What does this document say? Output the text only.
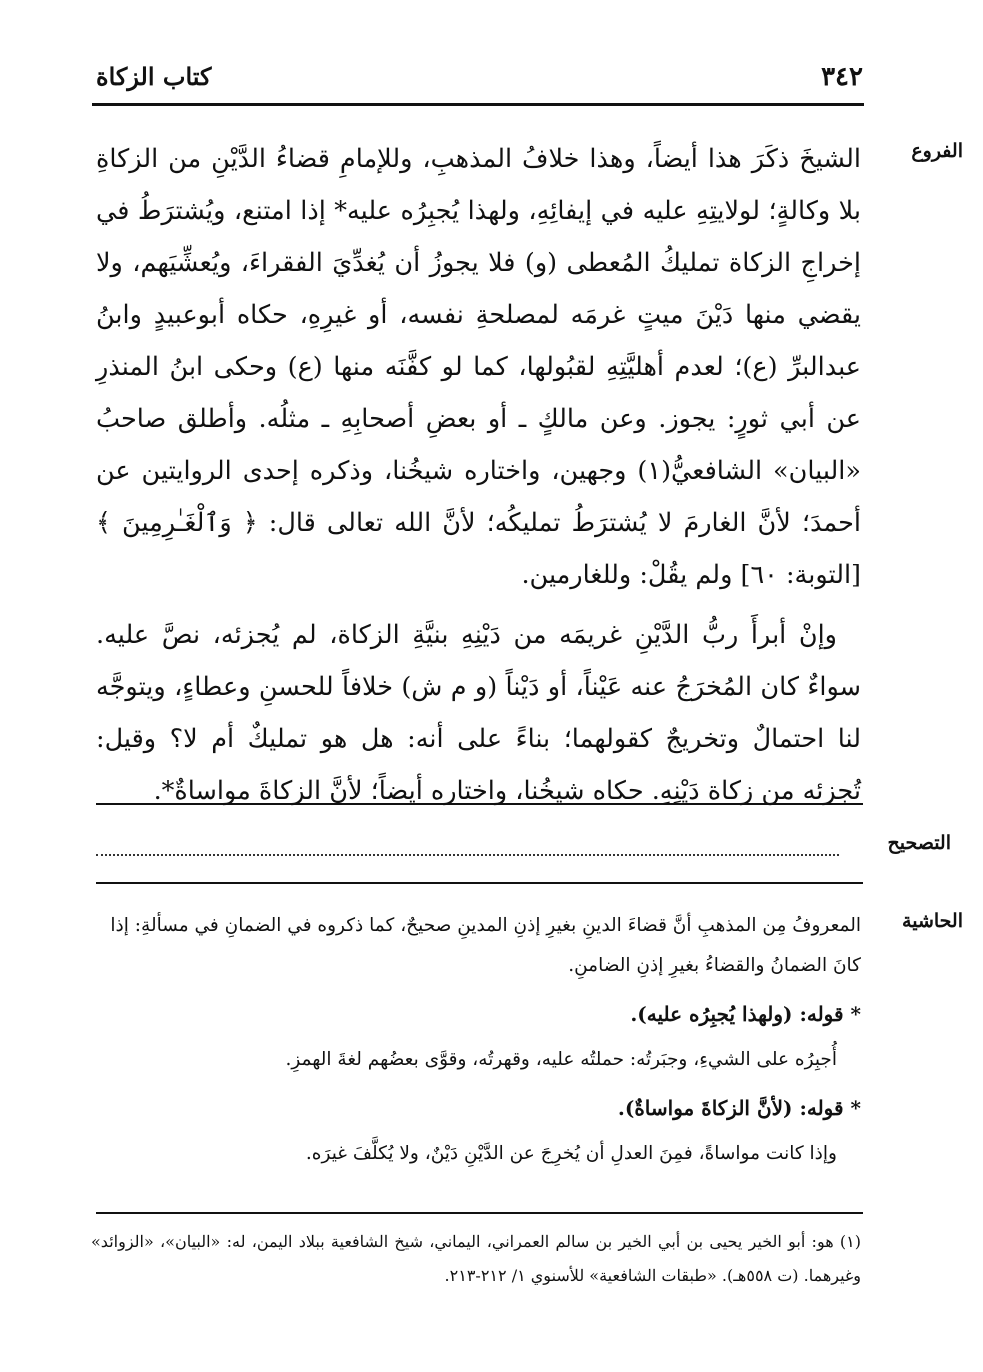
٣٤٢
كتاب الزكاة
الفروع

الشيخَ ذكَرَ هذا أيضاً، وهذا خلافُ المذهبِ، وللإمامِ قضاءُ الدَّيْنِ من الزكاةِ بلا وكالةٍ؛ لولايتِهِ عليه في إيفائِهِ، ولهذا يُجبِرُه عليه* إذا امتنع، ويُشترَطُ في إخراجِ الزكاة تمليكُ المُعطى (و) فلا يجوزُ أن يُغدِّيَ الفقراءَ، ويُعشِّيَهم، ولا يقضي منها دَيْنَ ميتٍ غرمَه لمصلحةِ نفسه، أو غيرِهِ، حكاه أبوعبيدٍ وابنُ عبدالبرِّ (ع)؛ لعدم أهليَّتِهِ لقبُولها، كما لو كفَّنَه منها (ع) وحكى ابنُ المنذرِ عن أبي ثورٍ: يجوز. وعن مالكٍ ـ أو بعضِ أصحابِهِ ـ مثلُه. وأطلق صاحبُ «البيان» الشافعيُّ(١) وجهين، واختاره شيخُنا، وذكره إحدى الروايتين عن أحمدَ؛ لأنَّ الغارمَ لا يُشترَطُ تمليكُه؛ لأنَّ الله تعالى قال: ﴿ وَٱلْغَـٰرِمِينَ ﴾ [التوبة: ٦٠] ولم يقُلْ: وللغارمين.

وإنْ أبرأَ ربُّ الدَّيْنِ غريمَه من دَيْنِهِ بنيَّةِ الزكاة، لم يُجزئه، نصَّ عليه. سواءٌ كان المُخرَجُ عنه عَيْناً، أو دَيْناً (و م ش) خلافاً للحسنِ وعطاءٍ، ويتوجَّه لنا احتمالٌ وتخريجٌ كقولهما؛ بناءً على أنه: هل هو تمليكٌ أم لا؟ وقيل: تُجزئه من زكاة دَيْنِهِ. حكاه شيخُنا، واختاره أيضاً؛ لأنَّ الزكاةَ مواساةٌ*.

التصحيح
الحاشية
المعروفُ مِن المذهبِ أنَّ قضاءَ الدينِ بغيرِ إذنِ المدينِ صحيحٌ، كما ذكروه في الضمانِ في مسألةِ: إذا كانَ الضمانُ والقضاءُ بغيرِ إذنِ الضامنِ.
* قوله: (ولهذا يُجبِرُه عليه).
أُجبِرُه على الشيءِ، وجبَرتُه: حملتُه عليه، وقهرتُه، وقوَّى بعضُهم لغةَ الهمزِ.
* قوله: (لأنَّ الزكاةَ مواساةٌ).
وإذا كانت مواساةً، فمِنَ العدلِ أن يُخرِجَ عن الدَّيْنِ دَيْنٌ، ولا يُكلَّفَ غيرَه.
(١) هو: أبو الخير يحيى بن أبي الخير بن سالم العمراني، اليماني، شيخ الشافعية ببلاد اليمن، له: «البيان»، «الزوائد» وغيرهما. (ت ٥٥٨هـ). «طبقات الشافعية» للأسنوي ١/ ٢١٢-٢١٣.
